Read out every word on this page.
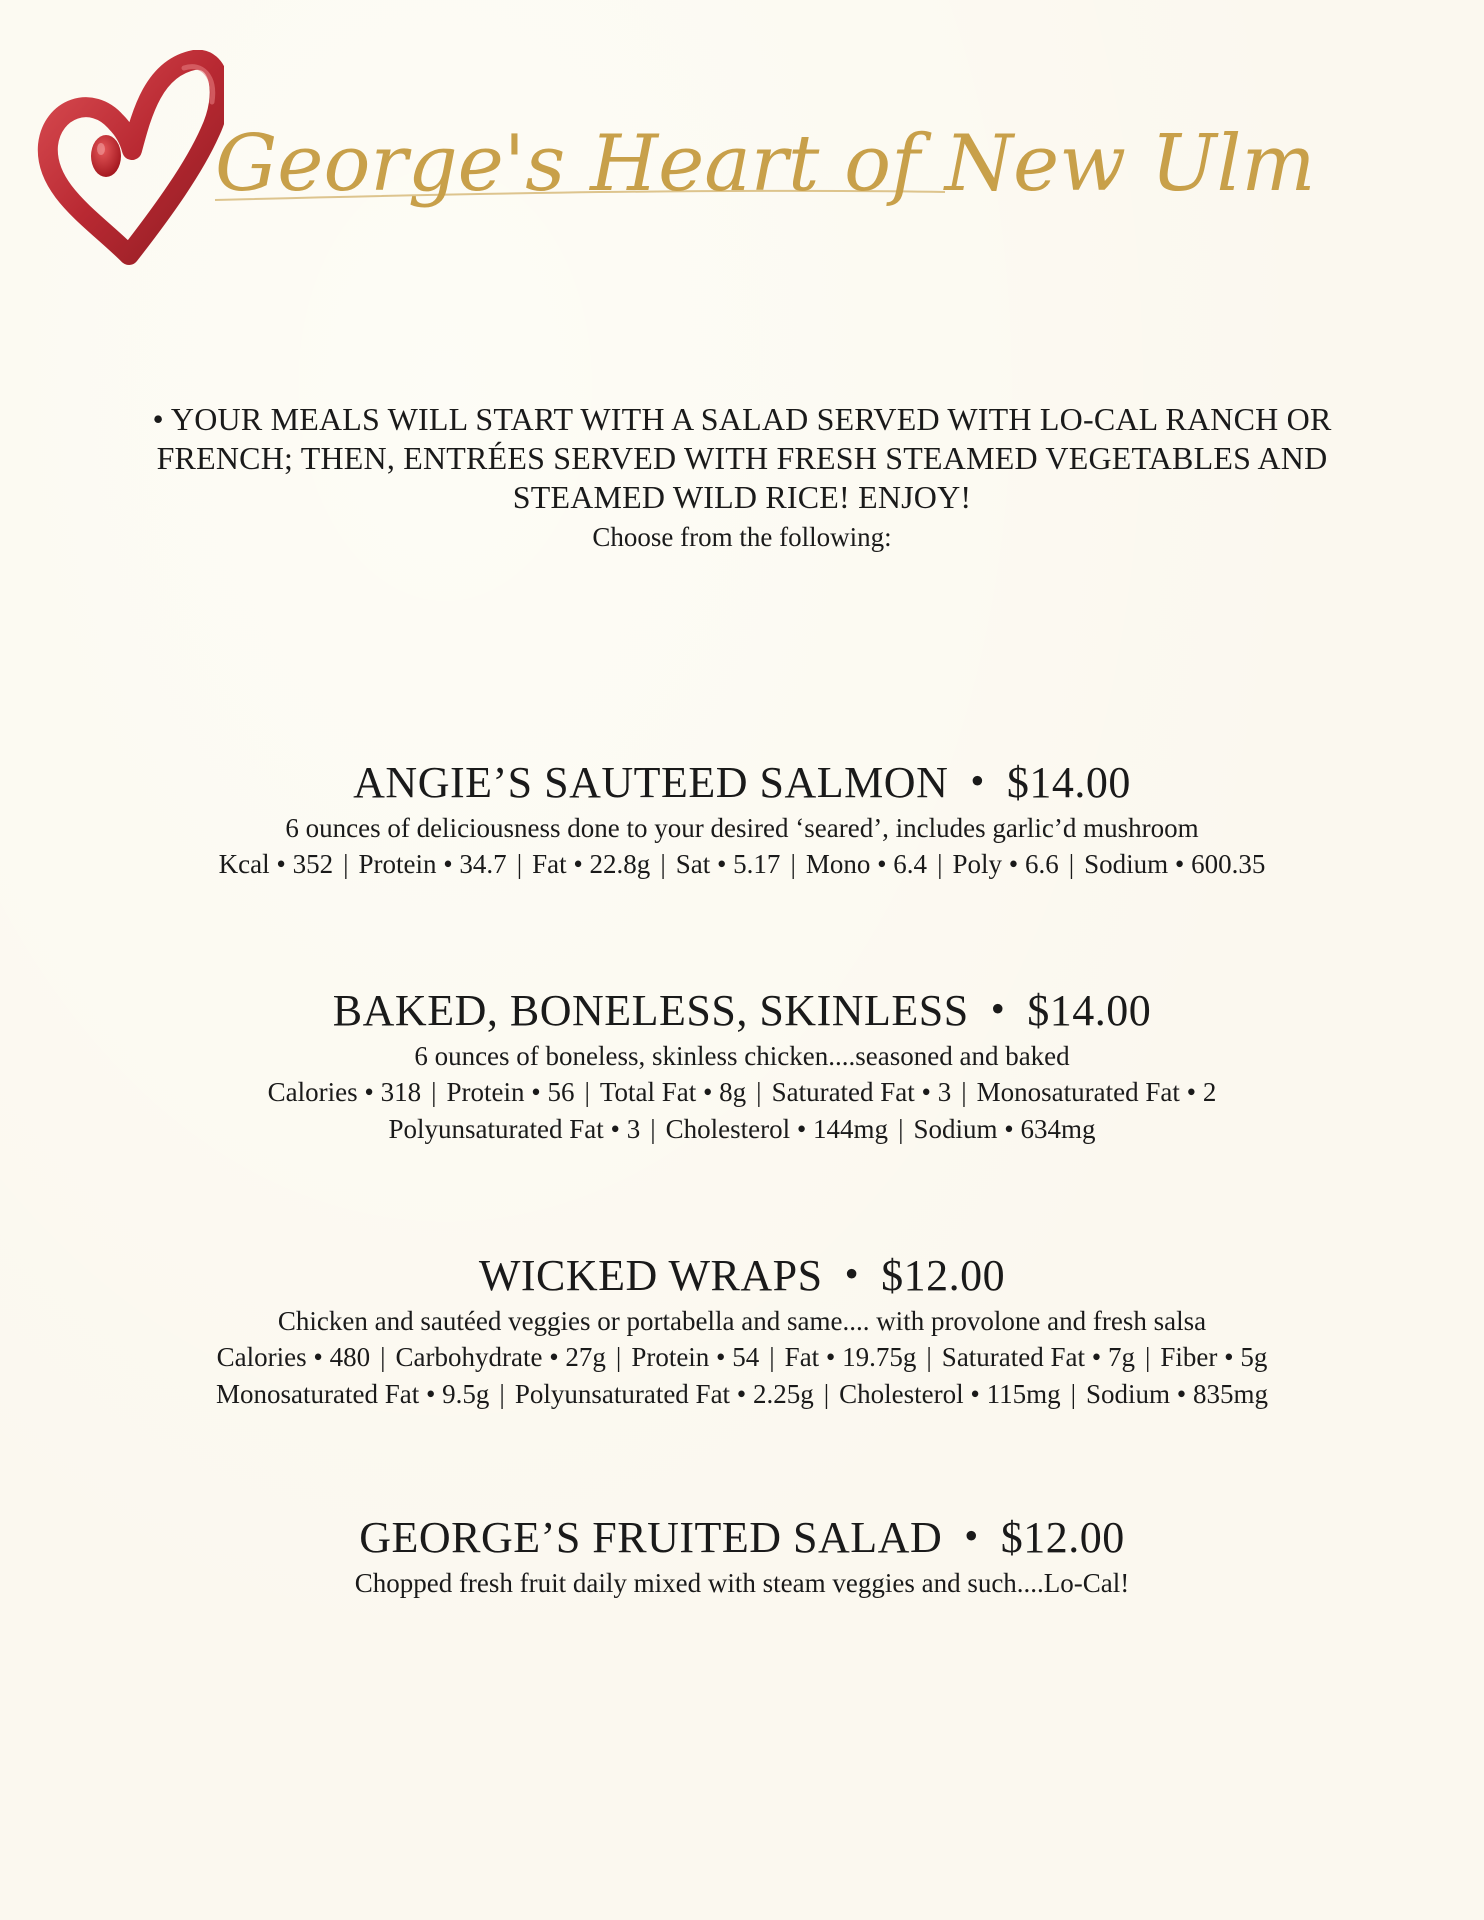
George's Heart of New Ulm
• YOUR MEALS WILL START WITH A SALAD SERVED WITH LO-CAL RANCH OR
FRENCH; THEN, ENTRÉES SERVED WITH FRESH STEAMED VEGETABLES AND
STEAMED WILD RICE! ENJOY!
Choose from the following:
ANGIE’S SAUTEED SALMON • $14.00
6 ounces of deliciousness done to your desired ‘seared’, includes garlic’d mushroom
Kcal • 352 | Protein • 34.7 | Fat • 22.8g | Sat • 5.17 | Mono • 6.4 | Poly • 6.6 | Sodium • 600.35
BAKED, BONELESS, SKINLESS • $14.00
6 ounces of boneless, skinless chicken....seasoned and baked
Calories • 318 | Protein • 56 | Total Fat • 8g | Saturated Fat • 3 | Monosaturated Fat • 2
Polyunsaturated Fat • 3 | Cholesterol • 144mg | Sodium • 634mg
WICKED WRAPS • $12.00
Chicken and sautéed veggies or portabella and same.... with provolone and fresh salsa
Calories • 480 | Carbohydrate • 27g | Protein • 54 | Fat • 19.75g | Saturated Fat • 7g | Fiber • 5g
Monosaturated Fat • 9.5g | Polyunsaturated Fat • 2.25g | Cholesterol • 115mg | Sodium • 835mg
GEORGE’S FRUITED SALAD • $12.00
Chopped fresh fruit daily mixed with steam veggies and such....Lo-Cal!
